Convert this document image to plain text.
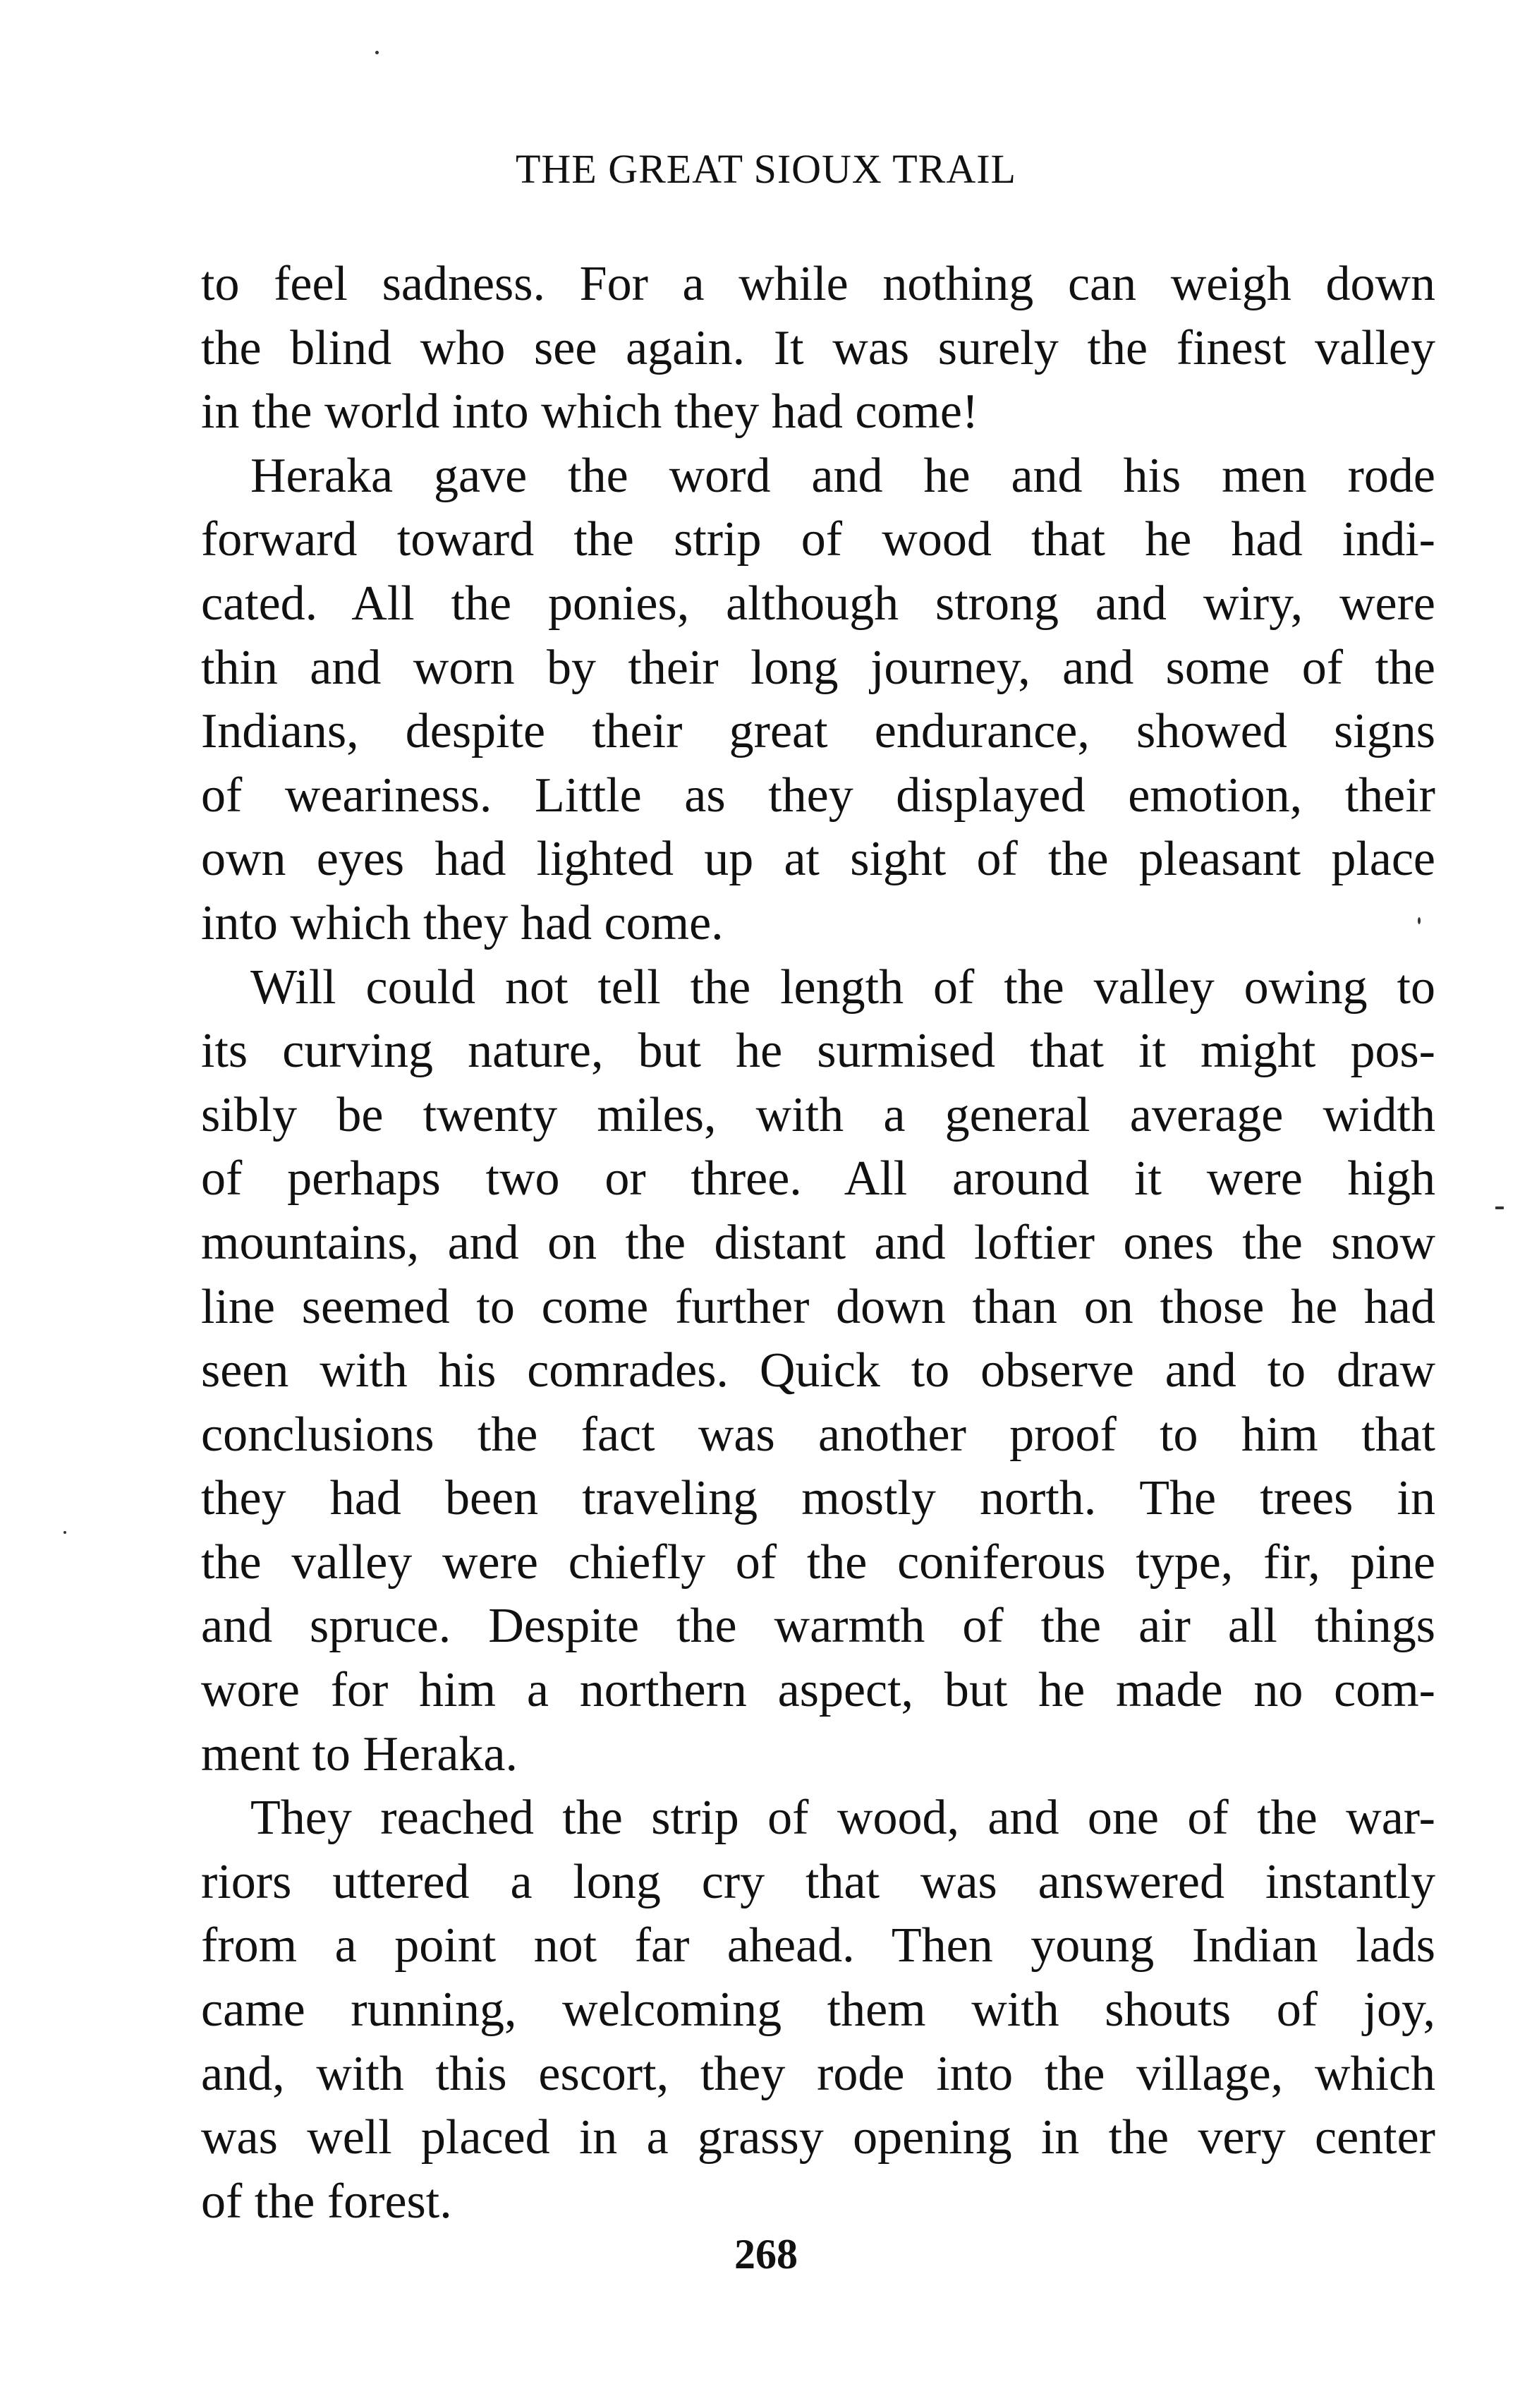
THE GREAT SIOUX TRAIL
to feel sadness. For a while nothing can weigh down
the blind who see again. It was surely the finest valley
in the world into which they had come!
Heraka gave the word and he and his men rode
forward toward the strip of wood that he had indi-
cated. All the ponies, although strong and wiry, were
thin and worn by their long journey, and some of the
Indians, despite their great endurance, showed signs
of weariness. Little as they displayed emotion, their
own eyes had lighted up at sight of the pleasant place
into which they had come.
Will could not tell the length of the valley owing to
its curving nature, but he surmised that it might pos-
sibly be twenty miles, with a general average width
of perhaps two or three. All around it were high
mountains, and on the distant and loftier ones the snow
line seemed to come further down than on those he had
seen with his comrades. Quick to observe and to draw
conclusions the fact was another proof to him that
they had been traveling mostly north. The trees in
the valley were chiefly of the coniferous type, fir, pine
and spruce. Despite the warmth of the air all things
wore for him a northern aspect, but he made no com-
ment to Heraka.
They reached the strip of wood, and one of the war-
riors uttered a long cry that was answered instantly
from a point not far ahead. Then young Indian lads
came running, welcoming them with shouts of joy,
and, with this escort, they rode into the village, which
was well placed in a grassy opening in the very center
of the forest.
268
